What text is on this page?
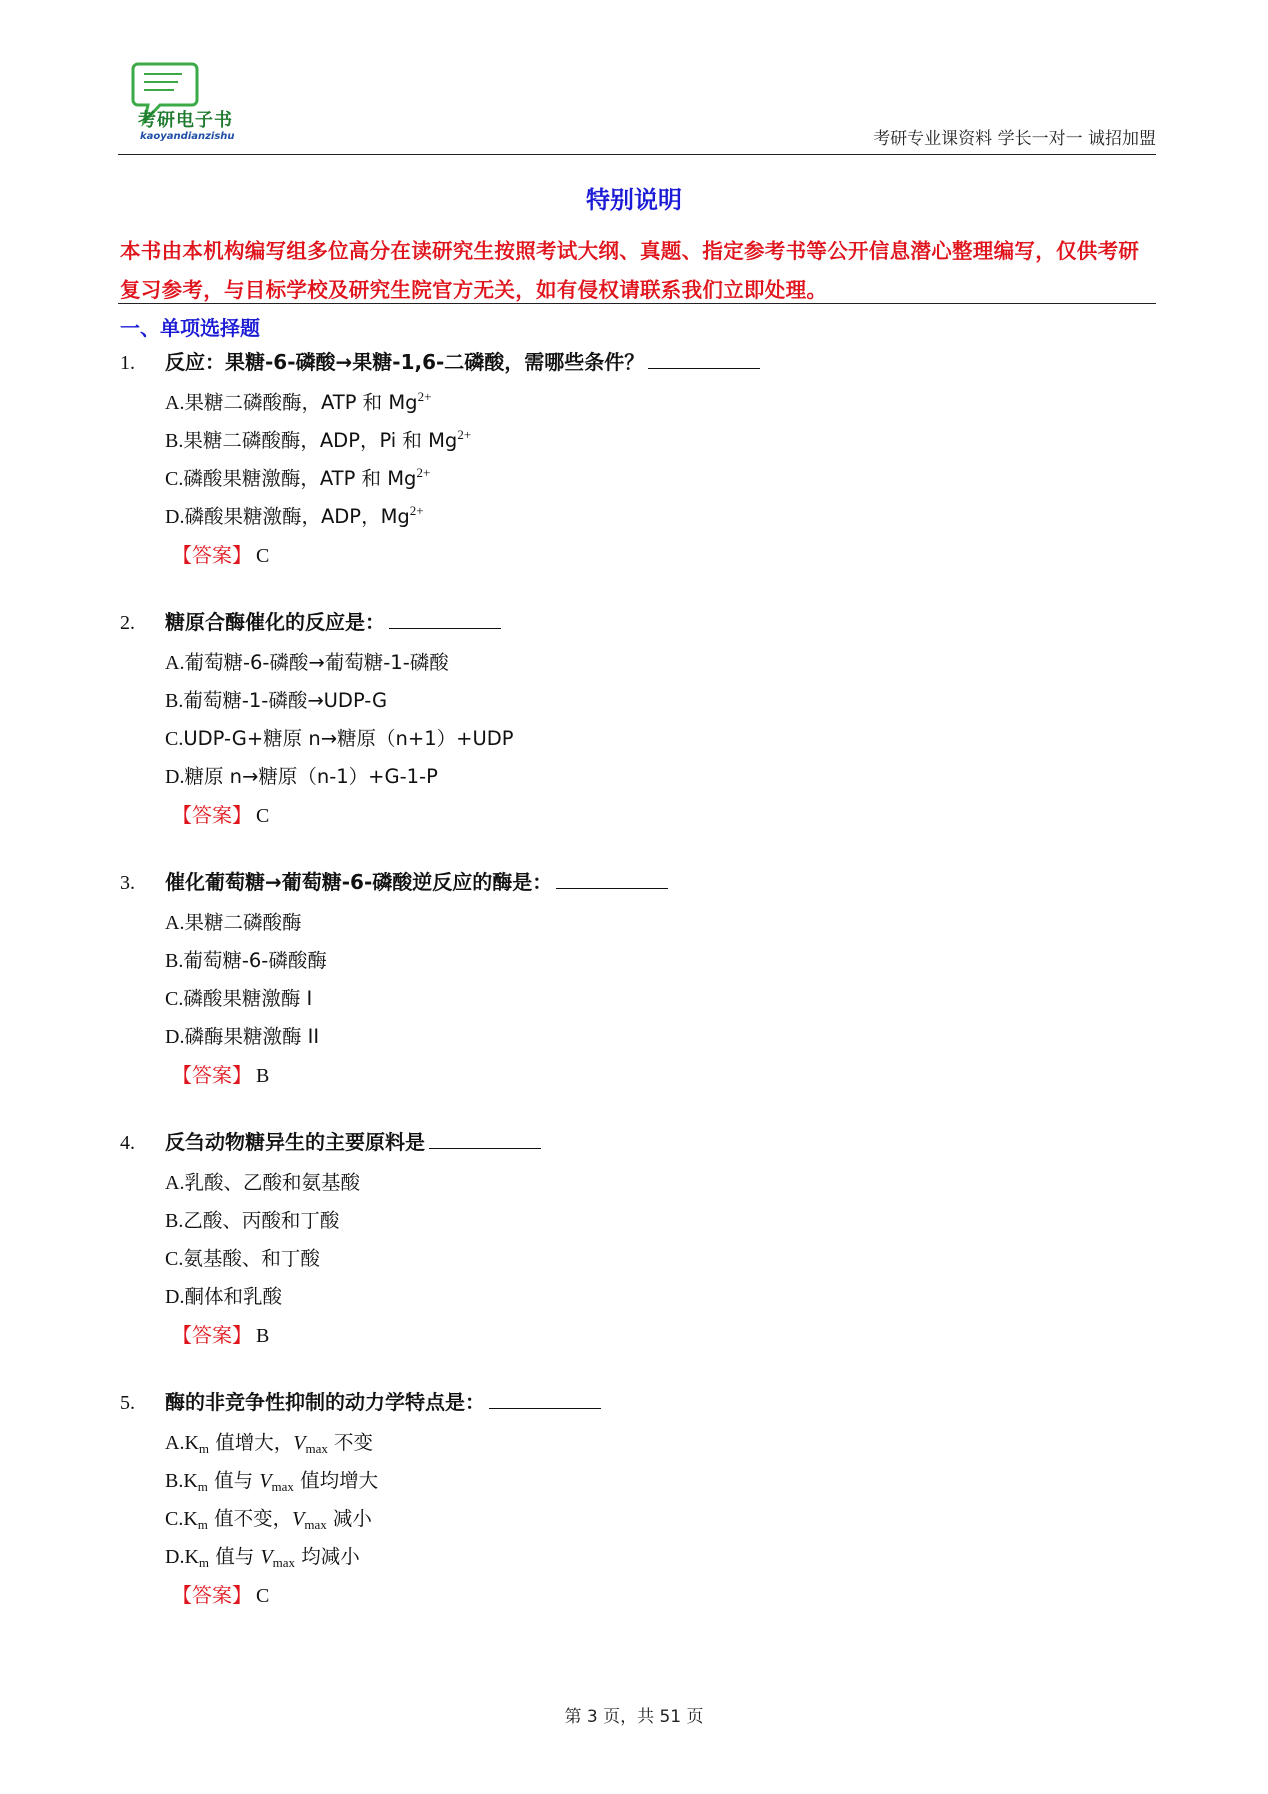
考研电子书
kaoyandianzishu	考研专业课资料 学长一对一 诚招加盟
特别说明
本书由本机构编写组多位高分在读研究生按照考试大纲、真题、指定参考书等公开信息潜心整理编写，仅供考研复习参考，与目标学校及研究生院官方无关，如有侵权请联系我们立即处理。
一、单项选择题
1.	反应：果糖-6-磷酸→果糖-1,6-二磷酸，需哪些条件？
A.果糖二磷酸酶，ATP 和 $Mg^{2+}$
B.果糖二磷酸酶，ADP，Pi 和 $Mg^{2+}$
C.磷酸果糖激酶，ATP 和 $Mg^{2+}$
D.磷酸果糖激酶，ADP，$Mg^{2+}$
【答案】 C
2.	糖原合酶催化的反应是：
A.葡萄糖-6-磷酸→葡萄糖-1-磷酸
B.葡萄糖-1-磷酸→UDP-G
C.UDP-G+糖原 n→糖原（n+1）+UDP
D.糖原 n→糖原（n-1）+G-1-P
【答案】 C
3.	催化葡萄糖→葡萄糖-6-磷酸逆反应的酶是：
A.果糖二磷酸酶
B.葡萄糖-6-磷酸酶
C.磷酸果糖激酶 I
D.磷酶果糖激酶 II
【答案】 B
4.	反刍动物糖异生的主要原料是
A.乳酸、乙酸和氨基酸
B.乙酸、丙酸和丁酸
C.氨基酸、和丁酸
D.酮体和乳酸
【答案】 B
5.	酶的非竞争性抑制的动力学特点是：
$A.K_m$ 值增大，$V_{max}$ 不变
$B.K_m$ 值与 $V_{max}$ 值均增大
$C.K_m$ 值不变，$V_{max}$ 减小
$D.K_m$ 值与 $V_{max}$ 均减小
【答案】 C
第 3 页，共 51 页
